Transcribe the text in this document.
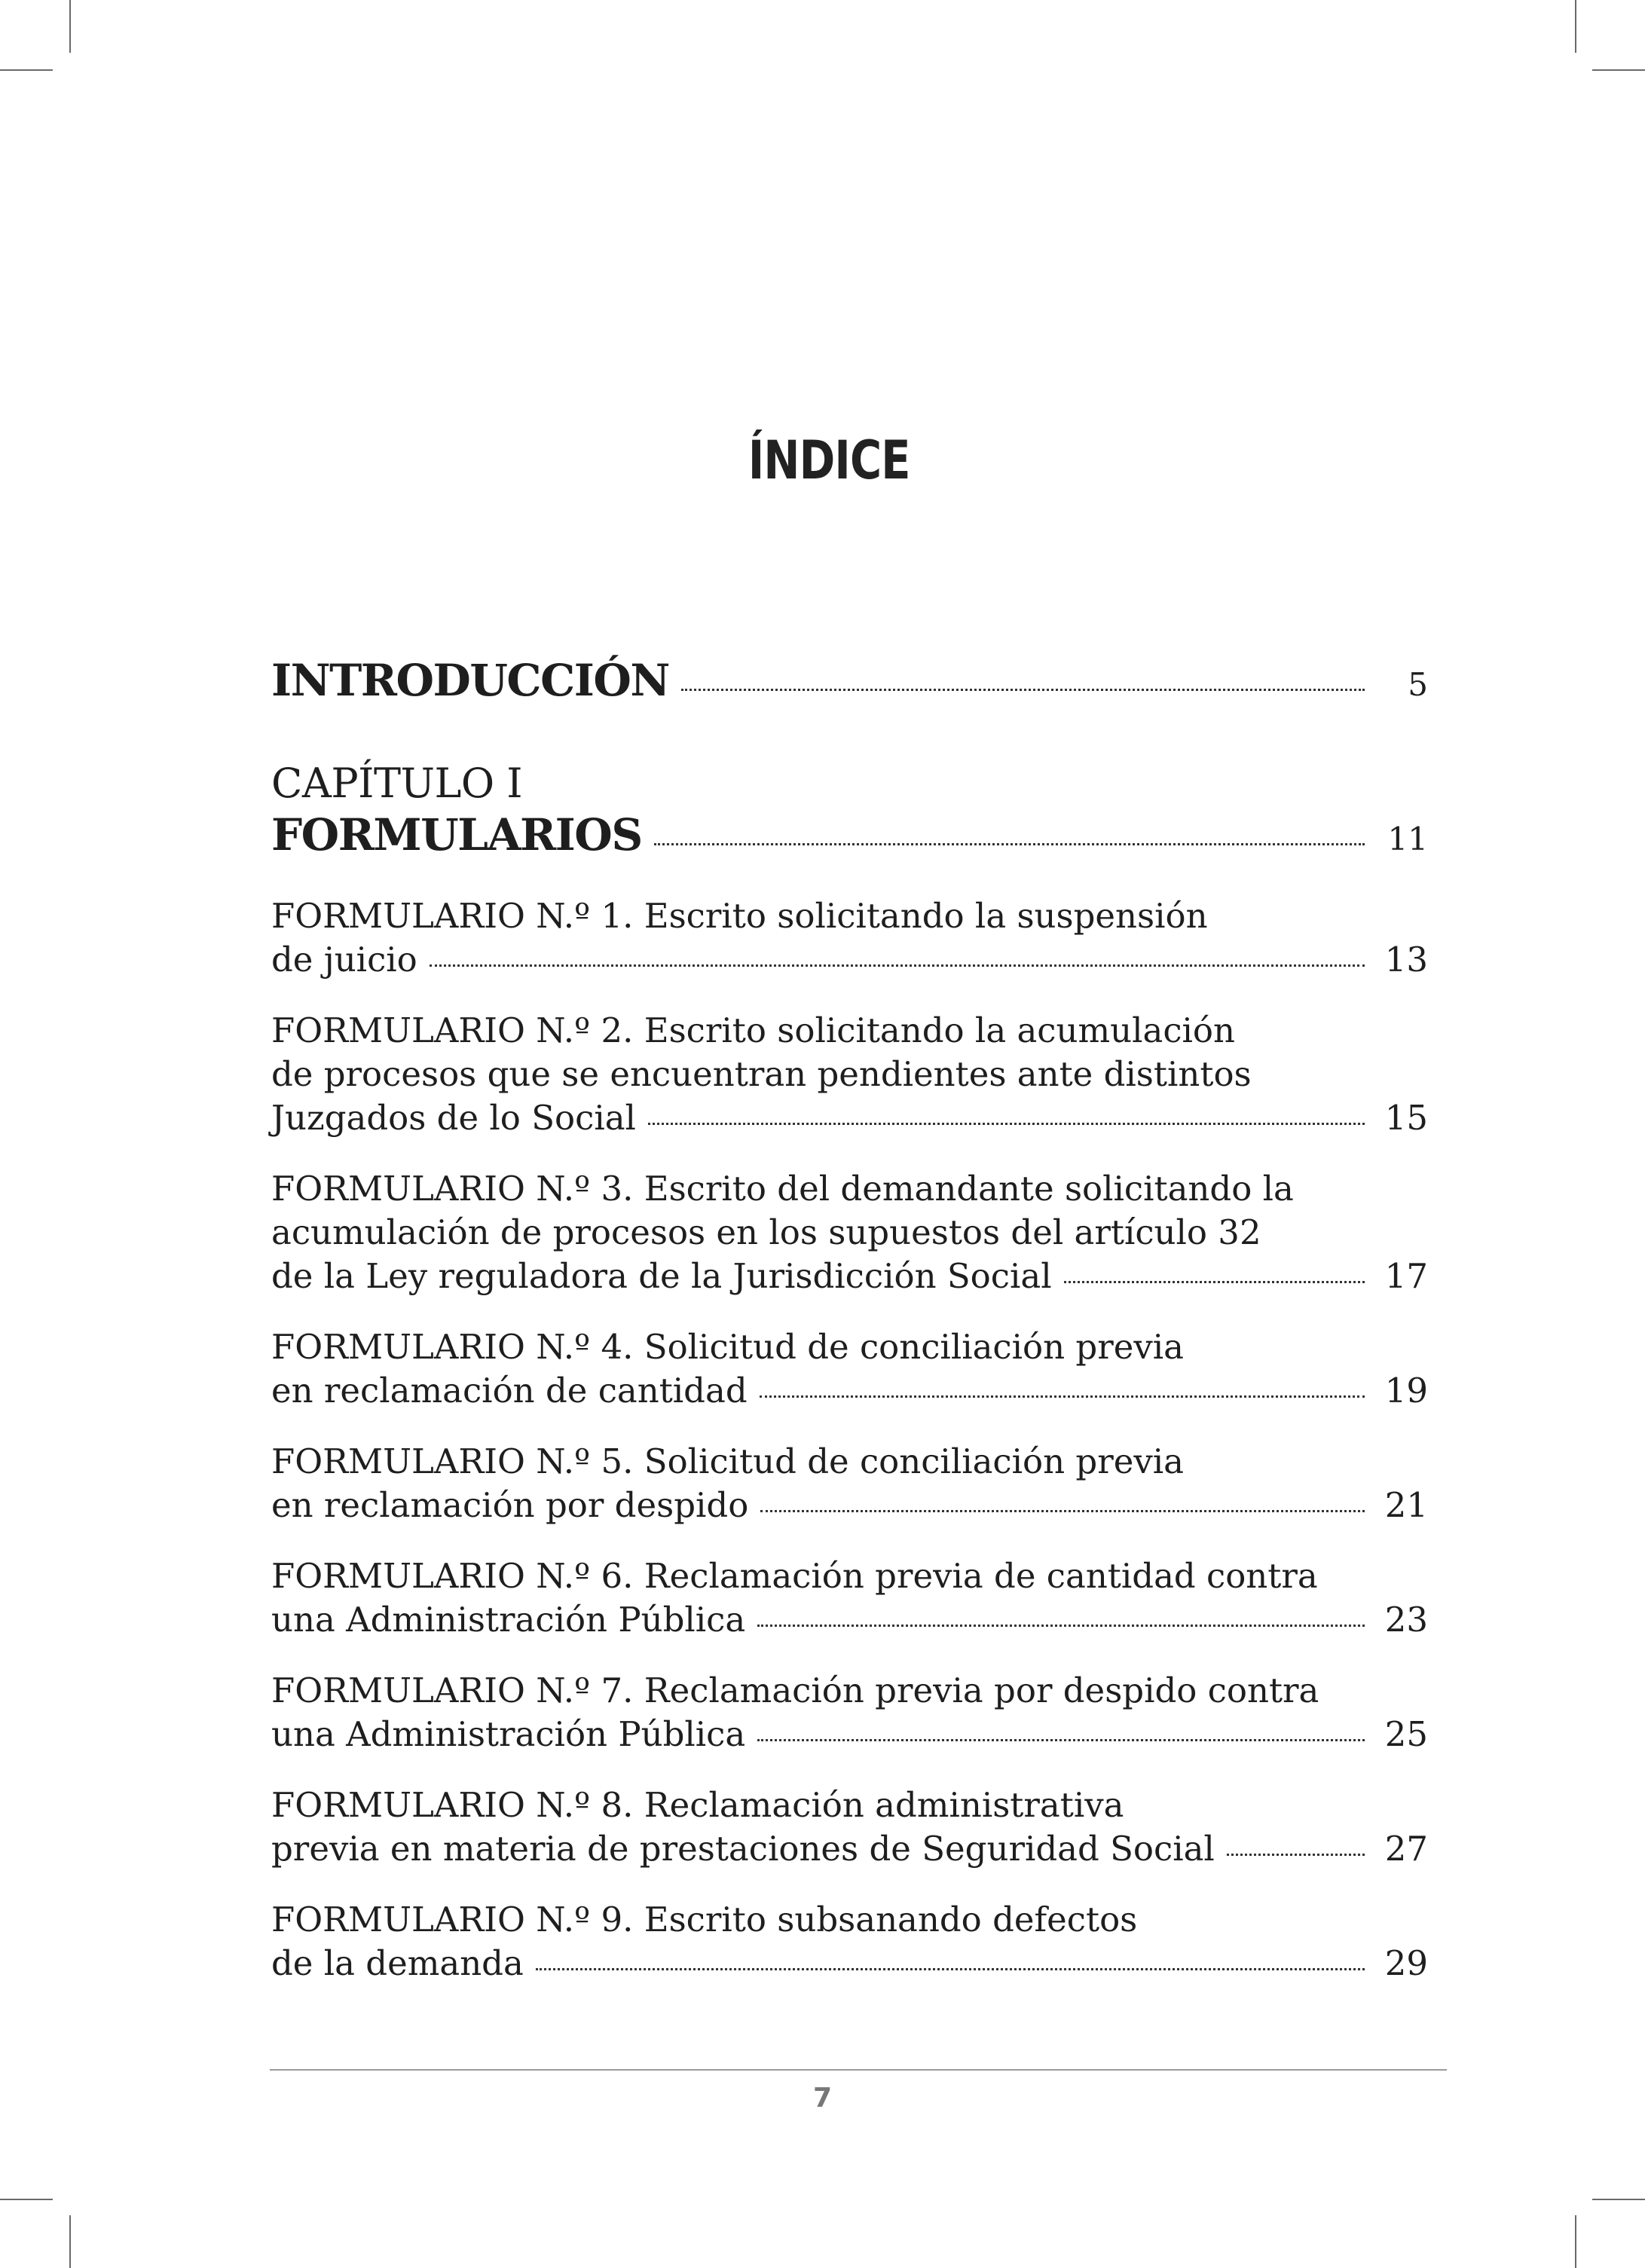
ÍNDICE
INTRODUCCIÓN	5
CAPÍTULO I
FORMULARIOS	11
FORMULARIO N.º 1. Escrito solicitando la suspensión
de juicio	13
FORMULARIO N.º 2. Escrito solicitando la acumulación
de procesos que se encuentran pendientes ante distintos
Juzgados de lo Social	15
FORMULARIO N.º 3. Escrito del demandante solicitando la
acumulación de procesos en los supuestos del artículo 32
de la Ley reguladora de la Jurisdicción Social	17
FORMULARIO N.º 4. Solicitud de conciliación previa
en reclamación de cantidad	19
FORMULARIO N.º 5. Solicitud de conciliación previa
en reclamación por despido	21
FORMULARIO N.º 6. Reclamación previa de cantidad contra
una Administración Pública	23
FORMULARIO N.º 7. Reclamación previa por despido contra
una Administración Pública	25
FORMULARIO N.º 8. Reclamación administrativa
previa en materia de prestaciones de Seguridad Social	27
FORMULARIO N.º 9. Escrito subsanando defectos
de la demanda	29
7
